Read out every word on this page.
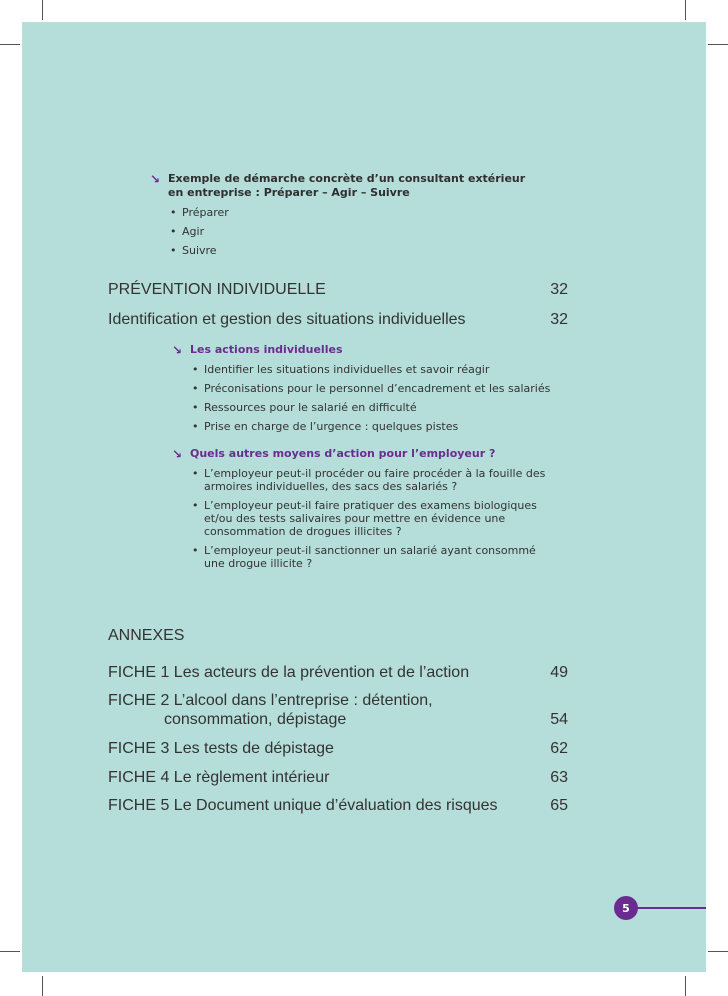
↘ Exemple de démarche concrète d’un consultant extérieur
en entreprise : Préparer – Agir – Suivre
• Préparer
• Agir
• Suivre
PRÉVENTION INDIVIDUELLE	32
Identification et gestion des situations individuelles	32
↘ Les actions individuelles
• Identifier les situations individuelles et savoir réagir
• Préconisations pour le personnel d’encadrement et les salariés
• Ressources pour le salarié en difficulté
• Prise en charge de l’urgence : quelques pistes
↘ Quels autres moyens d’action pour l’employeur ?
• L’employeur peut-il procéder ou faire procéder à la fouille des armoires individuelles, des sacs des salariés ?
• L’employeur peut-il faire pratiquer des examens biologiques et/ou des tests salivaires pour mettre en évidence une consommation de drogues illicites ?
• L’employeur peut-il sanctionner un salarié ayant consommé une drogue illicite ?
ANNEXES
FICHE 1 Les acteurs de la prévention et de l’action	49
FICHE 2 L’alcool dans l’entreprise : détention,
consommation, dépistage	54
FICHE 3 Les tests de dépistage	62
FICHE 4 Le règlement intérieur	63
FICHE 5 Le Document unique d’évaluation des risques	65
5
